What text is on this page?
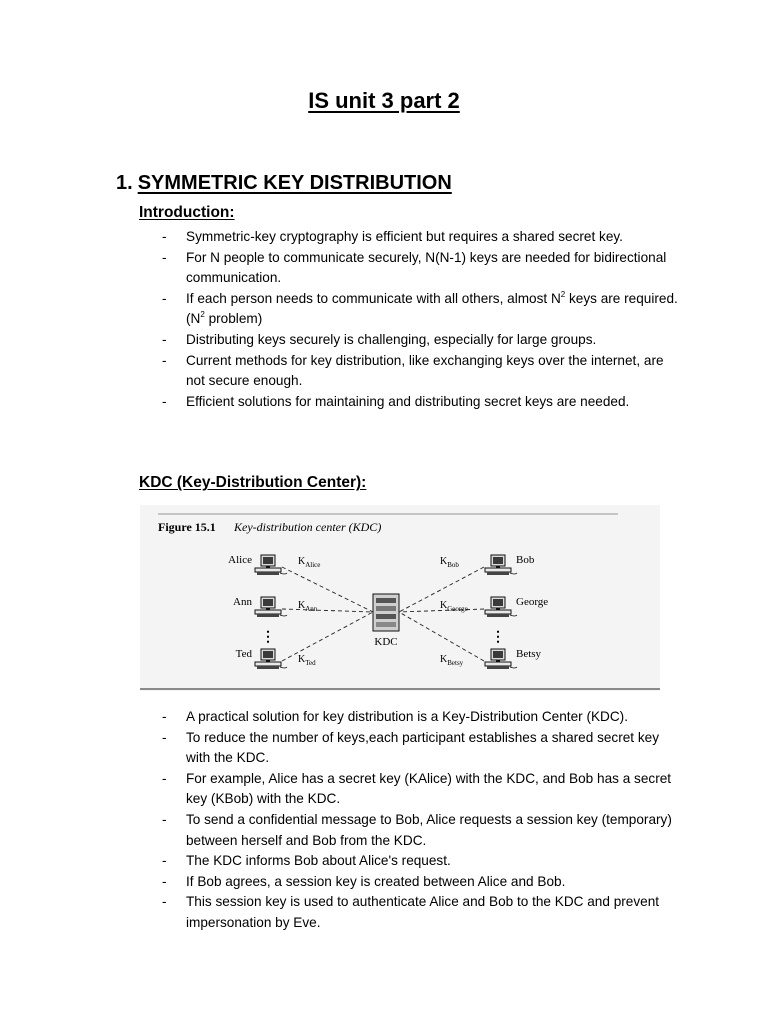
IS unit 3 part 2
1. SYMMETRIC KEY DISTRIBUTION
Introduction:
- Symmetric-key cryptography is efficient but requires a shared secret key.
- For N people to communicate securely, N(N-1) keys are needed for bidirectional communication.
- If each person needs to communicate with all others, almost $N^2$ keys are $required.(N^2$ problem)
- Distributing keys securely is challenging, especially for large groups.
- Current methods for key distribution, like exchanging keys over the internet, are not secure enough.
- Efficient solutions for maintaining and distributing secret keys are needed.
KDC (Key-Distribution Center):
Figure 15.1 Key-distribution center (KDC)
KDC
Alice	$K_{Alice}$
Ann	$K_{Ann}$
Ted	$K_{Ted}$
Bob
$K_{Bob}$
George
$K_{George}$
Betsy
$K_{Betsy}$
⋮	⋮
- A practical solution for key distribution is a Key-Distribution Center (KDC).
- To reduce the number of keys,each participant establishes a shared secret key with the KDC.
- For example, Alice has a secret key (KAlice) with the KDC, and Bob has a secret key (KBob) with the KDC.
- To send a confidential message to Bob, Alice requests a session key (temporary) between herself and Bob from the KDC.
- The KDC informs Bob about Alice's request.
- If Bob agrees, a session key is created between Alice and Bob.
- This session key is used to authenticate Alice and Bob to the KDC and prevent impersonation by Eve.
